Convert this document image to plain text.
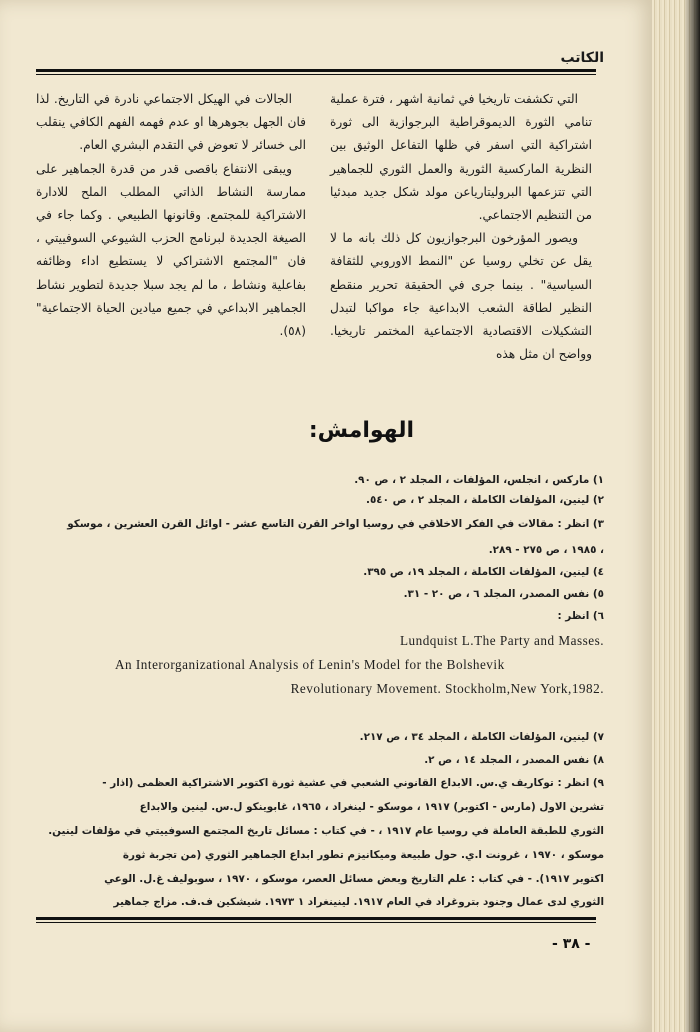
الكاتب

التي تكشفت تاريخيا في ثمانية اشهر ، فترة عملية تنامي الثورة الديموقراطية البرجوازية الى ثورة اشتراكية التي اسفر في ظلها التفاعل الوثيق بين النظرية الماركسية الثورية والعمل الثوري للجماهير التي تتزعمها البروليتارياعن مولد شكل جديد مبدئيا من التنظيم الاجتماعي.

ويصور المؤرخون البرجوازيون كل ذلك بانه ما لا يقل عن تخلي روسيا عن "النمط الاوروبي للثقافة السياسية" . بينما جرى في الحقيقة تحرير منقطع النظير لطاقة الشعب الابداعية جاء مواكبا لتبدل التشكيلات الاقتصادية الاجتماعية المختمر تاريخيا. وواضح ان مثل هذه

الجالات في الهيكل الاجتماعي نادرة في التاريخ. لذا فان الجهل بجوهرها او عدم فهمه الفهم الكافي ينقلب الى خسائر لا تعوض في التقدم البشري العام.

ويبقى الانتفاع باقصى قدر من قدرة الجماهير على ممارسة النشاط الذاتي المطلب الملح للادارة الاشتراكية للمجتمع. وقانونها الطبيعي . وكما جاء في الصيغة الجديدة لبرنامج الحزب الشيوعي السوفييتي ، فان "المجتمع الاشتراكي لا يستطيع اداء وظائفه بفاعلية ونشاط ، ما لم يجد سبلا جديدة لتطوير نشاط الجماهير الابداعي في جميع ميادين الحياة الاجتماعية"(٥٨).

الهوامش:
١) ماركس ، انجلس، المؤلفات ، المجلد ٢ ، ص ٩٠.
٢) لينين، المؤلفات الكاملة ، المجلد ٢ ، ص ٥٤٠.
٣) انظر : مقالات في الفكر الاخلاقي في روسيا اواخر القرن التاسع عشر - اوائل القرن العشرين ، موسكو
، ١٩٨٥ ، ص ٢٧٥ - ٢٨٩.
٤) لينين، المؤلفات الكاملة ، المجلد ١٩، ص ٣٩٥.
٥) نفس المصدر، المجلد ٦ ، ص ٢٠ - ٣١.
٦) انظر :
Lundquist L.The Party and Masses.
An Interorganizational Analysis of Lenin's Model for the Bolshevik
Revolutionary Movement. Stockholm,New York,1982.
٧) لينين، المؤلفات الكاملة ، المجلد ٣٤ ، ص ٢١٧.
٨) نفس المصدر ، المجلد ١٤ ، ص ٢.
٩) انظر : توكاريف ي.س. الابداع القانوني الشعبي في عشية ثورة اكتوبر الاشتراكية العظمى (اذار -
تشرين الاول (مارس - اكتوبر) ١٩١٧ ، موسكو - لينغراد ، ١٩٦٥، غابوينكو ل.س. لينين والابداع
الثوري للطبقة العاملة في روسيا عام ١٩١٧ ، - في كتاب : مسائل تاريخ المجتمع السوفييتي في مؤلفات لينين.
موسكو ، ١٩٧٠ ، غرونت ا.ي. حول طبيعة وميكانيزم تطور ابداع الجماهير الثوري (من تجربة ثورة
اكتوبر ١٩١٧). - في كتاب : علم التاريخ وبعض مسائل العصر، موسكو ، ١٩٧٠ ، سوبوليف غ.ل. الوعي
الثوري لدى عمال وجنود بتروغراد في العام ١٩١٧. لينينغراد ١ ١٩٧٣. شيشكين ف.ف. مزاج جماهير
- ٣٨ -
